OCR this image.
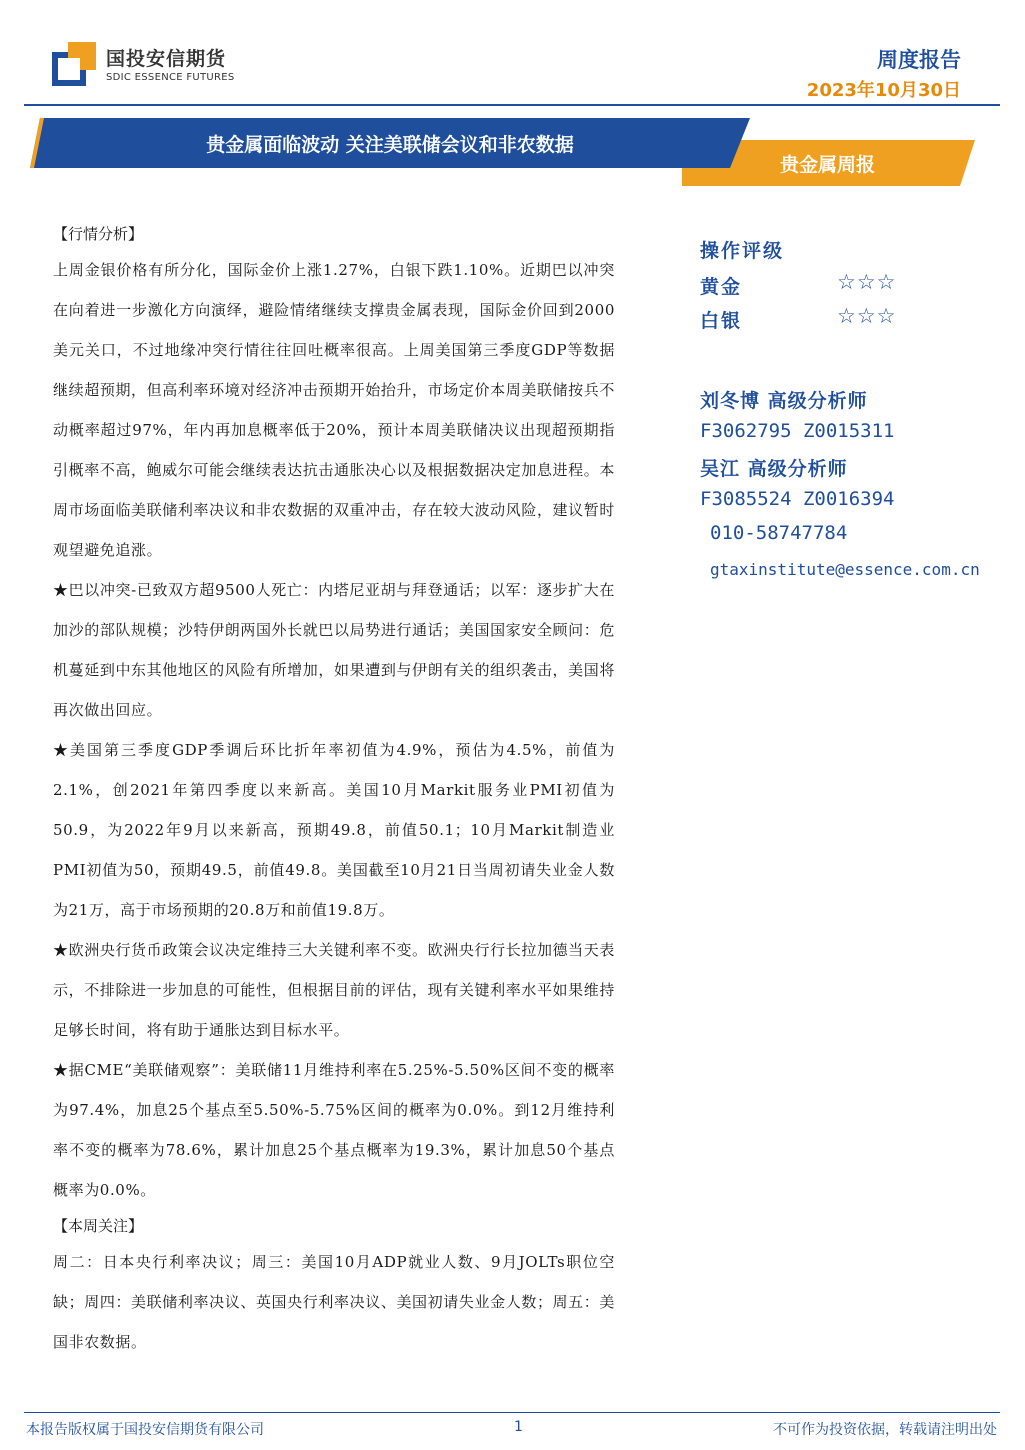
国投安信期货
SDIC ESSENCE FUTURES
周度报告
2023年10月30日
贵金属面临波动 关注美联储会议和非农数据
贵金属周报

【行情分析】

上周金银价格有所分化，国际金价上涨1.27%，白银下跌1.10%。近期巴以冲突在向着进一步激化方向演绎，避险情绪继续支撑贵金属表现，国际金价回到2000美元关口，不过地缘冲突行情往往回吐概率很高。上周美国第三季度GDP等数据继续超预期，但高利率环境对经济冲击预期开始抬升，市场定价本周美联储按兵不动概率超过97%，年内再加息概率低于20%，预计本周美联储决议出现超预期指引概率不高，鲍威尔可能会继续表达抗击通胀决心以及根据数据决定加息进程。本周市场面临美联储利率决议和非农数据的双重冲击，存在较大波动风险，建议暂时观望避免追涨。

★巴以冲突-已致双方超9500人死亡：内塔尼亚胡与拜登通话；以军：逐步扩大在加沙的部队规模；沙特伊朗两国外长就巴以局势进行通话；美国国家安全顾问：危机蔓延到中东其他地区的风险有所增加，如果遭到与伊朗有关的组织袭击，美国将再次做出回应。

★美国第三季度GDP季调后环比折年率初值为4.9%，预估为4.5%，前值为2.1%，创2021年第四季度以来新高。美国10月Markit服务业PMI初值为50.9，为2022年9月以来新高，预期49.8，前值50.1；10月Markit制造业PMI初值为50，预期49.5，前值49.8。美国截至10月21日当周初请失业金人数为21万，高于市场预期的20.8万和前值19.8万。

★欧洲央行货币政策会议决定维持三大关键利率不变。欧洲央行行长拉加德当天表示，不排除进一步加息的可能性，但根据目前的评估，现有关键利率水平如果维持足够长时间，将有助于通胀达到目标水平。

★据CME“美联储观察”：美联储11月维持利率在5.25%-5.50%区间不变的概率为97.4%，加息25个基点至5.50%-5.75%区间的概率为0.0%。到12月维持利率不变的概率为78.6%，累计加息25个基点概率为19.3%，累计加息50个基点概率为0.0%。

【本周关注】

周二：日本央行利率决议；周三：美国10月ADP就业人数、9月JOLTs职位空缺；周四：美联储利率决议、英国央行利率决议、美国初请失业金人数；周五：美国非农数据。

操作评级
黄金	☆☆☆
白银	☆☆☆
刘冬博 高级分析师
F3062795 Z0015311
吴江 高级分析师
F3085524 Z0016394
010-58747784
gtaxinstitute@essence.com.cn
本报告版权属于国投安信期货有限公司	1	不可作为投资依据，转载请注明出处
